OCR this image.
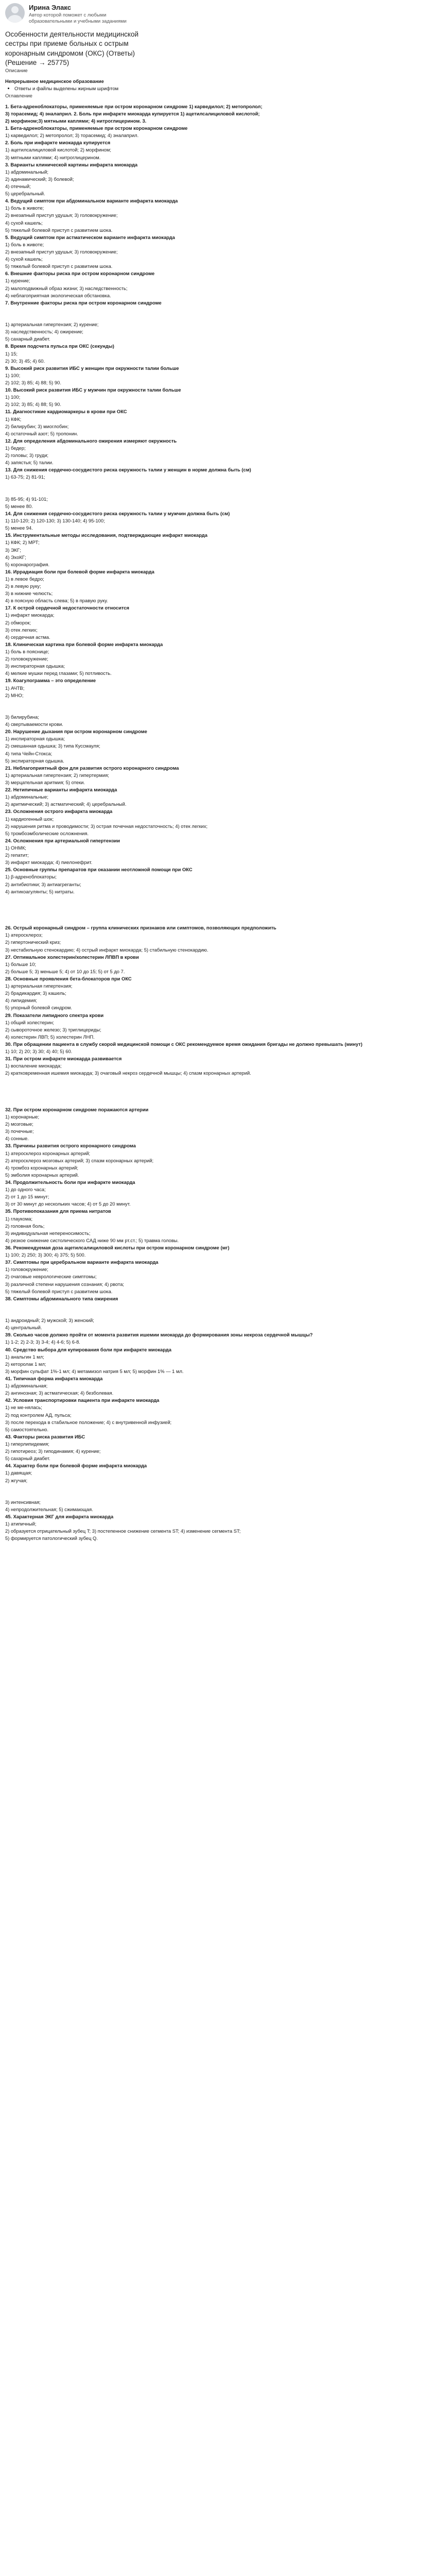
Ирина Элакс
Автор которой поможет с любыми образовательными и учебными заданиями
Особенности деятельности медицинской сестры при приеме больных с острым коронарным синдромом (ОКС) (Ответы) (Решение → 25775)
Описание
Непрерывное медицинское образование
• Ответы и файлы выделены жирным шрифтом
Оглавление
1. Бета-адреноблокаторы, применяемые при остром коронарном синдроме 1) карведилол; 2) метопролол; 3) торасемид; 4) эналаприл. 2. Боль при инфаркте миокарда купируется 1) ацетилсалициловой кислотой; 2) морфином;3) мятными каплями; 4) нитроглицерином. 3.
1. Бета-адреноблокаторы, применяемые при остром коронарном синдроме
1) карведилол; 2) метопролол; 3) торасемид; 4) эналаприл.
2. Боль при инфаркте миокарда купируется
1) ацетилсалициловой кислотой; 2) морфином;
3) мятными каплями; 4) нитроглицерином.
3. Варианты клинической картины инфаркта миокарда
1) абдоминальный;
2) адинамический; 3) болевой;
4) отечный;
5) церебральный.
4. Ведущий симптом при абдоминальном варианте инфаркта миокарда
1) боль в животе;
2) внезапный приступ удушья; 3) головокружение;
4) сухой кашель;
5) тяжелый болевой приступ с развитием шока.
5. Ведущий симптом при астматическом варианте инфаркта миокарда
1) боль в животе;
2) внезапный приступ удушья; 3) головокружение;
4) сухой кашель;
5) тяжелый болевой приступ с развитием шока.
6. Внешние факторы риска при остром коронарном синдроме
1) курение;
2) малоподвижный образ жизни; 3) наследственность;
4) неблагоприятная экологическая обстановка.
7. Внутренние факторы риска при остром коронарном синдроме

1) артериальная гипертензия; 2) курение;
3) наследственность; 4) ожирение;
5) сахарный диабет.
8. Время подсчета пульса при ОКС (секунды)
1) 15;
2) 30; 3) 45; 4) 60.
9. Высокий риск развития ИБС у женщин при окружности талии больше
1) 100;
2) 102; 3) 85; 4) 88; 5) 90.
10. Высокий риск развития ИБС у мужчин при окружности талии больше
1) 100;
2) 102; 3) 85; 4) 88; 5) 90.
11. Диагностикие кардиомаркеры в крови при ОКС
1) КФК;
2) билирубин; 3) миоглобин;
4) остаточный азот; 5) тропонин.
12. Для определения абдоминального ожирения измеряют окружность
1) бедер;
2) головы; 3) груди;
4) запястья; 5) талии.
13. Для снижения сердечно-сосудистого риска окружность талии у женщин в норме должна быть (см)
1) 63-75; 2) 81-91;

3) 85-95; 4) 91-101;
5) менее 80.
14. Для снижения сердечно-сосудистого риска окружность талии у мужчин должна быть (см)
1) 110-120; 2) 120-130; 3) 130-140; 4) 95-100;
5) менее 94.
15. Инструментальные методы исследования, подтверждающие инфаркт миокарда
1) КФК; 2) МРТ;
3) ЭКГ;
4) ЭхоКГ;
5) коронарография.
16. Иррадиация боли при болевой форме инфаркта миокарда
1) в левое бедро;
2) в левую руку;
3) в нижние челюсть;
4) в поясную область слева; 5) в правую руку.
17. К острой сердечной недостаточности относится
1) инфаркт миокарда;
2) обморок;
3) отек легких;
4) сердечная астма.
18. Клиническая картина при болевой форме инфаркта миокарда
1) боль в пояснице;
2) головокружение;
3) инспираторная одышка;
4) мелкие мушки перед глазами; 5) потливость.
19. Коагулограмма – это определение
1) АЧТВ;
2) МНО;

3) билирубина;
4) свертываемости крови.
20. Нарушение дыхания при остром коронарном синдроме
1) инспираторная одышка;
2) смешанная одышка; 3) типа Куссмауля;
4) типа Чейн-Стокса;
5) экспираторная одышка.
21. Неблагоприятный фон для развития острого коронарного синдрома
1) артериальная гипертензия; 2) гипертермия;
3) мерцательная аритмия; 5) отеки.
22. Нетипичные варианты инфаркта миокарда
1) абдоминальные;
2) аритмический; 3) астматический; 4) церебральный.
23. Осложнения острого инфаркта миокарда
1) кардиогенный шок;
2) нарушения ритма и проводимости; 3) острая почечная недостаточность; 4) отек легких;
5) тромбоэмболические осложнения.
24. Осложнения при артериальной гипертензии
1) ОНМК;
2) гепатит;
3) инфаркт миокарда; 4) пиелонефрит.
25. Основные группы препаратов при оказании неотложной помощи при ОКС
1) β-адреноблокаторы;
2) антибиотики; 3) антиагреганты;
4) антикоагулянты; 5) нитраты.

26. Острый коронарный синдром – группа клинических признаков или симптомов, позволяющих предположить
1) атеросклероз;
2) гипертонический криз;
3) нестабильную стенокардию; 4) острый инфаркт миокарда; 5) стабильную стенокардию.
27. Оптимальное холестерин/холестерин ЛПВП в крови
1) больше 10;
2) больше 5; 3) меньше 5; 4) от 10 до 15; 5) от 5 до 7.
28. Основные проявления бета-блокаторов при ОКС
1) артериальная гипертензия;
2) брадикардия; 3) кашель;
4) липидемия;
5) упорный болевой синдром.
29. Показатели липидного спектра крови
1) общий холестерин;
2) сывороточное железо; 3) триглицериды;
4) холестерин ЛВП; 5) холестерин ЛНП.
30. При обращении пациента в службу скорой медицинской помощи с ОКС рекомендуемое время ожидания бригады не должно превышать (минут)
1) 10; 2) 20; 3) 30; 4) 40; 5) 60.
31. При остром инфаркте миокарда развивается
1) воспаление миокарда;
2) кратковременная ишемия миокарда; 3) очаговый некроз сердечной мышцы; 4) спазм коронарных артерий.

32. При остром коронарном синдроме поражаются артерии
1) коронарные;
2) мозговые;
3) почечные;
4) сонные.
33. Причины развития острого коронарного синдрома
1) атеросклероз коронарных артерий;
2) атеросклероз мозговых артерий; 3) спазм коронарных артерий;
4) тромбоз коронарных артерий;
5) эмболия коронарных артерий.
34. Продолжительность боли при инфаркте миокарда
1) до одного часа;
2) от 1 до 15 минут;
3) от 30 минут до нескольких часов; 4) от 5 до 20 минут.
35. Противопоказания для приема нитратов
1) глаукома;
2) головная боль;
3) индивидуальная непереносимость;
4) резкое снижение систолического САД ниже 90 мм рт.ст.; 5) травма головы.
36. Рекомендуемая доза ацетилсалициловой кислоты при остром коронарном синдроме (мг)
1) 100; 2) 250; 3) 300; 4) 375; 5) 500.
37. Симптомы при церебральном варианте инфаркта миокарда
1) головокружение;
2) очаговые неврологические симптомы;
3) различной степени нарушения сознания; 4) рвота;
5) тяжелый болевой приступ с развитием шока.
38. Симптомы абдоминального типа ожирения

1) андроидный; 2) мужской; 3) женский;
4) центральный.
39. Сколько часов должно пройти от момента развития ишемии миокарда до формирования зоны некроза сердечной мышцы?
1) 1-2; 2) 2-3; 3) 3-4; 4) 4-6; 5) 6-8.
40. Средство выбора для купирования боли при инфаркте миокарда
1) анальгин 1 мл;
2) кеторолак 1 мл;
3) морфин сульфат 1%-1 мл; 4) метамизол натрия 5 мл; 5) морфин 1% — 1 мл.
41. Типичная форма инфаркта миокарда
1) абдоминальная;
2) ангинозная; 3) астматическая; 4) безболевая.
42. Условия транспортировки пациента при инфаркте миокарда
1) не ме-нялась;
2) под контролем АД, пульса;
3) после перехода в стабильное положение; 4) с внутривенной инфузией;
5) самостоятельно.
43. Факторы риска развития ИБС
1) гиперлипидемия;
2) гипотиреоз; 3) гиподинамия; 4) курение;
5) сахарный диабет.
44. Характер боли при болевой форме инфаркта миокарда
1) давящая;
2) жгучая;

3) интенсивная;
4) непродолжительная; 5) сжимающая.
45. Характерная ЭКГ для инфаркта миокарда
1) атипичный;
2) образуется отрицательный зубец T; 3) постепенное снижение сегмента ST; 4) изменение сегмента ST;
5) формируется патологический зубец Q.
